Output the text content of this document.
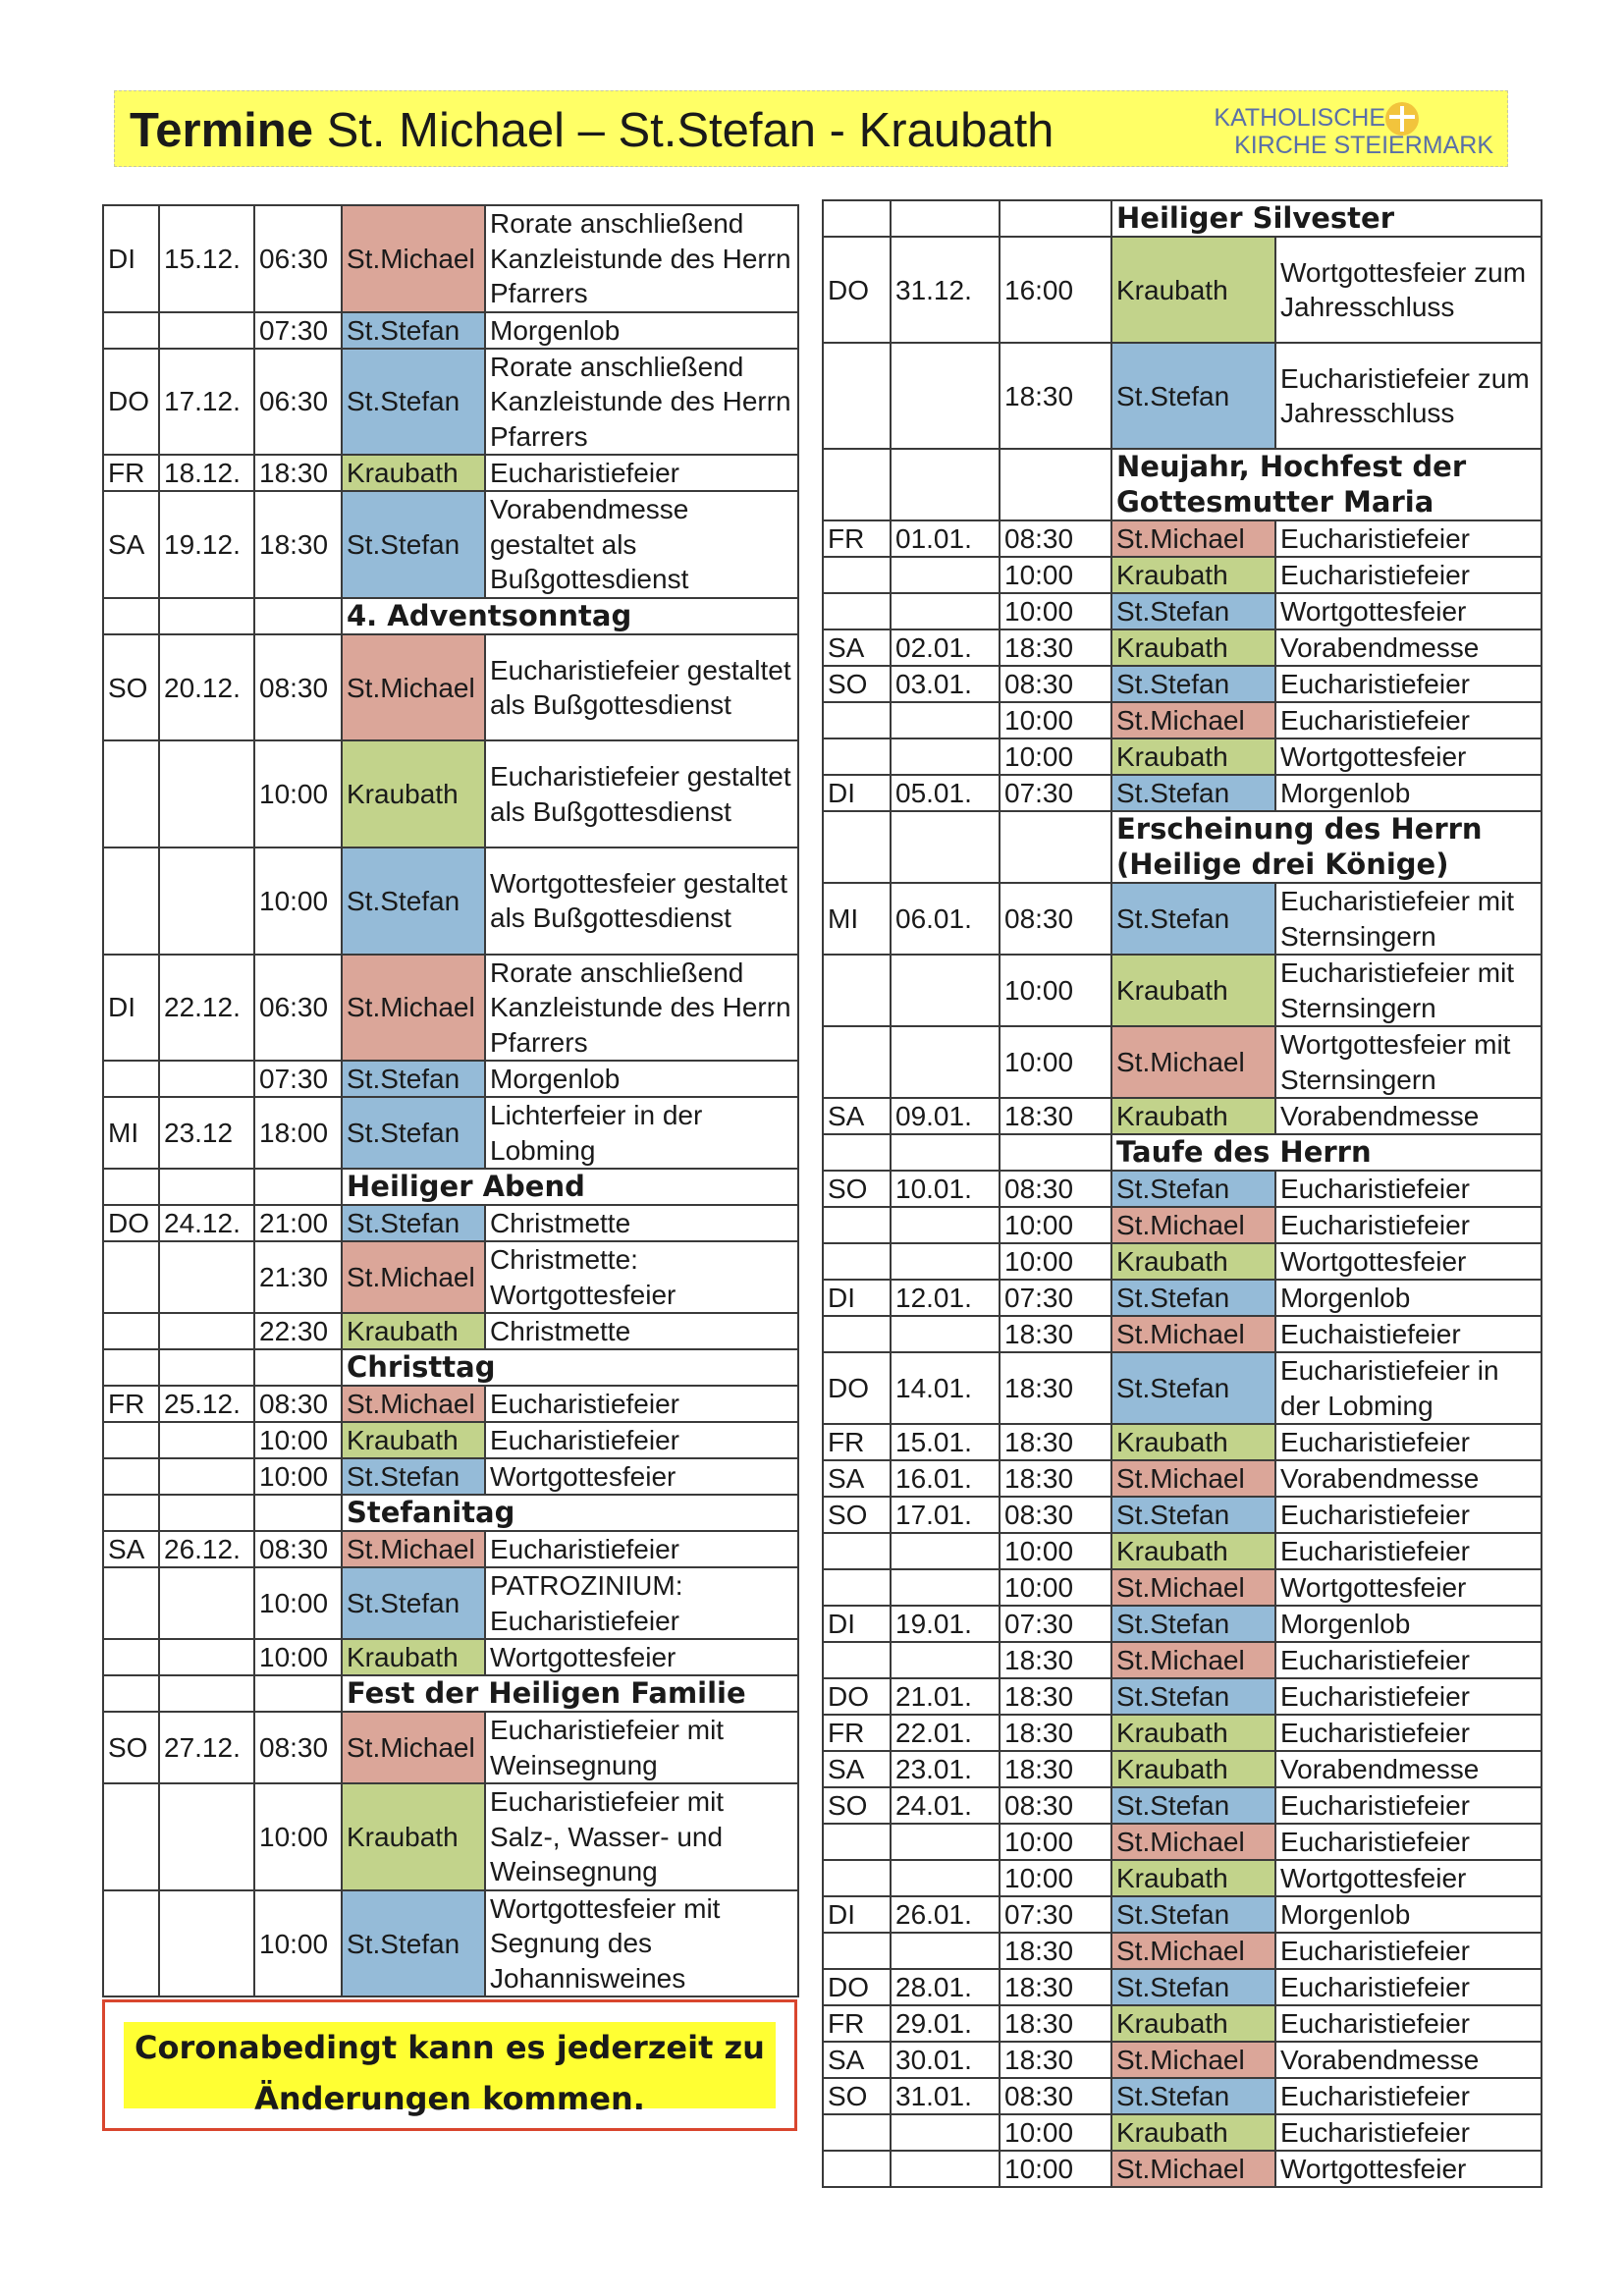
Termine St. Michael – St.Stefan - Kraubath	KATHOLISCHE
KIRCHE STEIERMARK
DI	15.12.	06:30	St.Michael	Rorate anschließend Kanzleistunde des Herrn Pfarrers
		07:30	St.Stefan	Morgenlob
DO	17.12.	06:30	St.Stefan	Rorate anschließend Kanzleistunde des Herrn Pfarrers
FR	18.12.	18:30	Kraubath	Eucharistiefeier
SA	19.12.	18:30	St.Stefan	Vorabendmesse gestaltet als Bußgottesdienst
			4. Adventsonntag	
SO	20.12.	08:30	St.Michael	Eucharistiefeier gestaltet als Bußgottesdienst
		10:00	Kraubath	Eucharistiefeier gestaltet als Bußgottesdienst
		10:00	St.Stefan	Wortgottesfeier gestaltet als Bußgottesdienst
DI	22.12.	06:30	St.Michael	Rorate anschließend Kanzleistunde des Herrn Pfarrers
		07:30	St.Stefan	Morgenlob
MI	23.12	18:00	St.Stefan	Lichterfeier in der Lobming
			Heiliger Abend	
DO	24.12.	21:00	St.Stefan	Christmette
		21:30	St.Michael	Christmette: Wortgottesfeier
		22:30	Kraubath	Christmette
			Christtag	
FR	25.12.	08:30	St.Michael	Eucharistiefeier
		10:00	Kraubath	Eucharistiefeier
		10:00	St.Stefan	Wortgottesfeier
			Stefanitag	
SA	26.12.	08:30	St.Michael	Eucharistiefeier
		10:00	St.Stefan	PATROZINIUM: Eucharistiefeier
		10:00	Kraubath	Wortgottesfeier
			Fest der Heiligen Familie	
SO	27.12.	08:30	St.Michael	Eucharistiefeier mit Weinsegnung
		10:00	Kraubath	Eucharistiefeier mit Salz-, Wasser- und Weinsegnung
		10:00	St.Stefan	Wortgottesfeier mit Segnung des Johannisweines
			Heiliger Silvester	
DO	31.12.	16:00	Kraubath	Wortgottesfeier zum Jahresschluss
		18:30	St.Stefan	Eucharistiefeier zum Jahresschluss
			Neujahr, Hochfest der Gottesmutter Maria	
FR	01.01.	08:30	St.Michael	Eucharistiefeier
		10:00	Kraubath	Eucharistiefeier
		10:00	St.Stefan	Wortgottesfeier
SA	02.01.	18:30	Kraubath	Vorabendmesse
SO	03.01.	08:30	St.Stefan	Eucharistiefeier
		10:00	St.Michael	Eucharistiefeier
		10:00	Kraubath	Wortgottesfeier
DI	05.01.	07:30	St.Stefan	Morgenlob
			Erscheinung des Herrn (Heilige drei Könige)	
MI	06.01.	08:30	St.Stefan	Eucharistiefeier mit Sternsingern
		10:00	Kraubath	Eucharistiefeier mit Sternsingern
		10:00	St.Michael	Wortgottesfeier mit Sternsingern
SA	09.01.	18:30	Kraubath	Vorabendmesse
			Taufe des Herrn	
SO	10.01.	08:30	St.Stefan	Eucharistiefeier
		10:00	St.Michael	Eucharistiefeier
		10:00	Kraubath	Wortgottesfeier
DI	12.01.	07:30	St.Stefan	Morgenlob
		18:30	St.Michael	Euchaistiefeier
DO	14.01.	18:30	St.Stefan	Eucharistiefeier in der Lobming
FR	15.01.	18:30	Kraubath	Eucharistiefeier
SA	16.01.	18:30	St.Michael	Vorabendmesse
SO	17.01.	08:30	St.Stefan	Eucharistiefeier
		10:00	Kraubath	Eucharistiefeier
		10:00	St.Michael	Wortgottesfeier
DI	19.01.	07:30	St.Stefan	Morgenlob
		18:30	St.Michael	Eucharistiefeier
DO	21.01.	18:30	St.Stefan	Eucharistiefeier
FR	22.01.	18:30	Kraubath	Eucharistiefeier
SA	23.01.	18:30	Kraubath	Vorabendmesse
SO	24.01.	08:30	St.Stefan	Eucharistiefeier
		10:00	St.Michael	Eucharistiefeier
		10:00	Kraubath	Wortgottesfeier
DI	26.01.	07:30	St.Stefan	Morgenlob
		18:30	St.Michael	Eucharistiefeier
DO	28.01.	18:30	St.Stefan	Eucharistiefeier
FR	29.01.	18:30	Kraubath	Eucharistiefeier
SA	30.01.	18:30	St.Michael	Vorabendmesse
SO	31.01.	08:30	St.Stefan	Eucharistiefeier
		10:00	Kraubath	Eucharistiefeier
		10:00	St.Michael	Wortgottesfeier
Coronabedingt kann es jederzeit zu Änderungen kommen.
